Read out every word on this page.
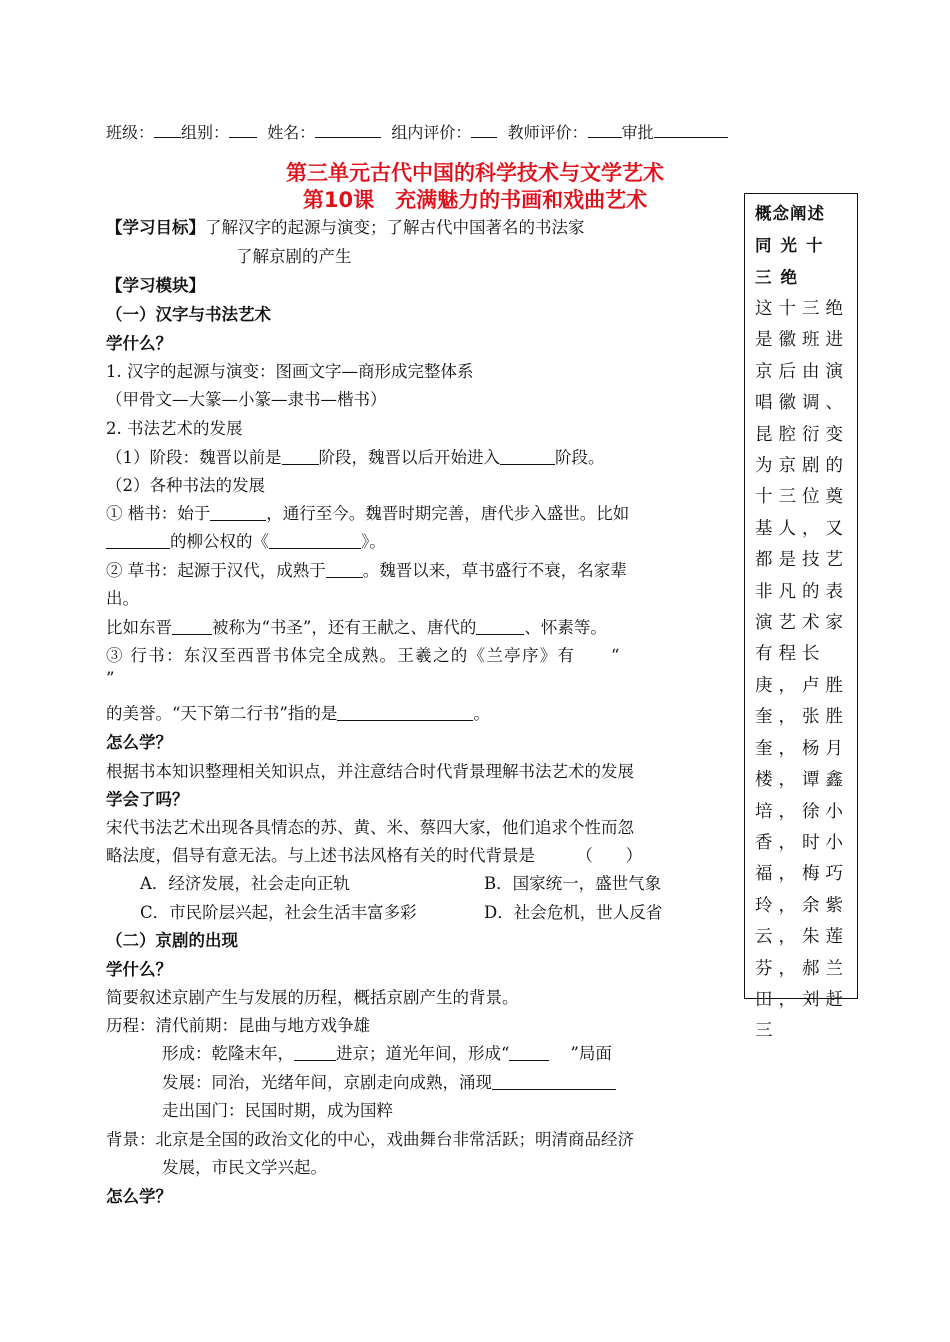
班级： 组别： 姓名：	组内评价： 教师评价： 审批
第三单元古代中国的科学技术与文学艺术
第10课　充满魅力的书画和戏曲艺术
【学习目标】了解汉字的起源与演变；了解古代中国著名的书法家
了解京剧的产生
【学习模块】
（一）汉字与书法艺术
学什么？
1. 汉字的起源与演变：图画文字—商形成完整体系
（甲骨文—大篆—小篆—隶书—楷书）
2. 书法艺术的发展
（1）阶段：魏晋以前是 阶段，魏晋以后开始进入	阶段。
（2）各种书法的发展
① 楷书：始于	，通行至今。魏晋时期完善，唐代步入盛世。比如
的柳公权的《	》。
② 草书：起源于汉代，成熟于 。魏晋以来，草书盛行不衰，名家辈
出。
比如东晋 被称为“书圣”，还有王献之、唐代的	、怀素等。
③ 行书：东汉至西晋书体完全成熟。王羲之的《兰亭序》有　　“
”
的美誉。“天下第二行书”指的是	。
怎么学？
根据书本知识整理相关知识点，并注意结合时代背景理解书法艺术的发展
学会了吗？
宋代书法艺术出现各具情态的苏、黄、米、蔡四大家，他们追求个性而忽
略法度，倡导有意无法。与上述书法风格有关的时代背景是　　　（　　）
A．经济发展，社会走向正轨	B．国家统一，盛世气象
C．市民阶层兴起，社会生活丰富多彩	D．社会危机，世人反省
（二）京剧的出现
学什么？
简要叙述京剧产生与发展的历程，概括京剧产生的背景。
历程：清代前期：昆曲与地方戏争雄
形成：乾隆末年，	进京；道光年间，形成“	”局面
发展：同治，光绪年间，京剧走向成熟，涌现
走出国门：民国时期，成为国粹
背景：北京是全国的政治文化的中心，戏曲舞台非常活跃；明清商品经济
发展，市民文学兴起。
怎么学？
概念阐述
同光十三绝
这十三绝是徽班进京后由演唱徽调、昆腔衍变为京剧的十三位奠基人，又都是技艺非凡的表演艺术家有程长庚，卢胜奎，张胜奎，杨月楼，谭鑫培，徐小香，时小福，梅巧玲，余紫云，朱莲芬，郝兰田，刘赶三
